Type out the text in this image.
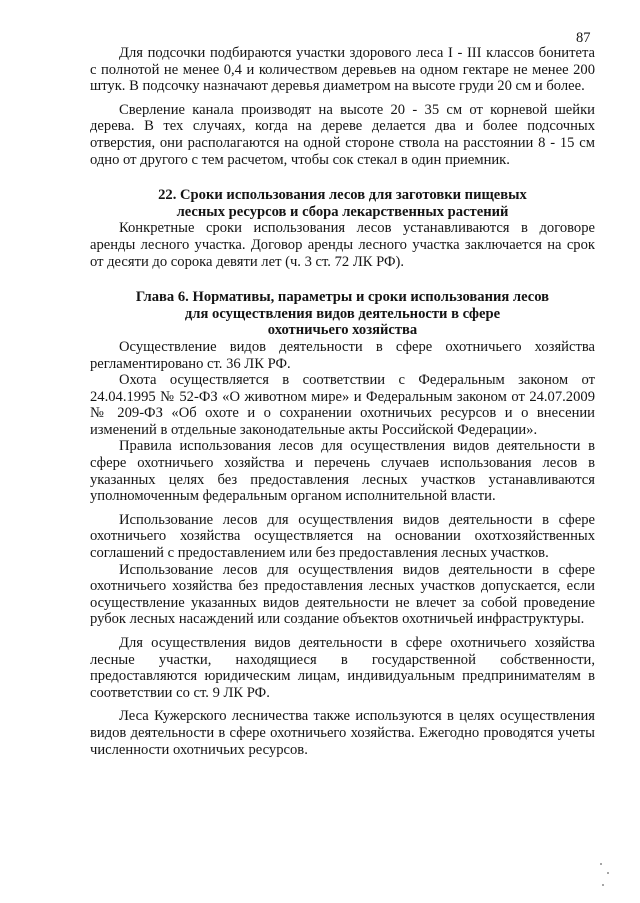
87

Для подсочки подбираются участки здорового леса I - III классов бонитета с полнотой не менее 0,4 и количеством деревьев на одном гектаре не менее 200 штук. В подсочку назначают деревья диаметром на высоте груди 20 см и более.

Сверление канала производят на высоте 20 - 35 см от корневой шейки дерева. В тех случаях, когда на дереве делается два и более подсочных отверстия, они располагаются на одной стороне ствола на расстоянии 8 - 15 см одно от другого с тем расчетом, чтобы сок стекал в один приемник.

22. Сроки использования лесов для заготовки пищевых
лесных ресурсов и сбора лекарственных растений

Конкретные сроки использования лесов устанавливаются в договоре аренды лесного участка. Договор аренды лесного участка заключается на срок от десяти до сорока девяти лет (ч. 3 ст. 72 ЛК РФ).

Глава 6. Нормативы, параметры и сроки использования лесов
для осуществления видов деятельности в сфере
охотничьего хозяйства

Осуществление видов деятельности в сфере охотничьего хозяйства регламентировано ст. 36 ЛК РФ.

Охота осуществляется в соответствии с Федеральным законом от 24.04.1995 № 52-ФЗ «О животном мире» и Федеральным законом от 24.07.2009 № 209-ФЗ «Об охоте и о сохранении охотничьих ресурсов и о внесении изменений в отдельные законодательные акты Российской Федерации».

Правила использования лесов для осуществления видов деятельности в сфере охотничьего хозяйства и перечень случаев использования лесов в указанных целях без предоставления лесных участков устанавливаются уполномоченным федеральным органом исполнительной власти.

Использование лесов для осуществления видов деятельности в сфере охотничьего хозяйства осуществляется на основании охотхозяйственных соглашений с предоставлением или без предоставления лесных участков.

Использование лесов для осуществления видов деятельности в сфере охотничьего хозяйства без предоставления лесных участков допускается, если осуществление указанных видов деятельности не влечет за собой проведение рубок лесных насаждений или создание объектов охотничьей инфраструктуры.

Для осуществления видов деятельности в сфере охотничьего хозяйства лесные участки, находящиеся в государственной собственности, предоставляются юридическим лицам, индивидуальным предпринимателям в соответствии со ст. 9 ЛК РФ.

Леса Кужерского лесничества также используются в целях осуществления видов деятельности в сфере охотничьего хозяйства. Ежегодно проводятся учеты численности охотничьих ресурсов.
